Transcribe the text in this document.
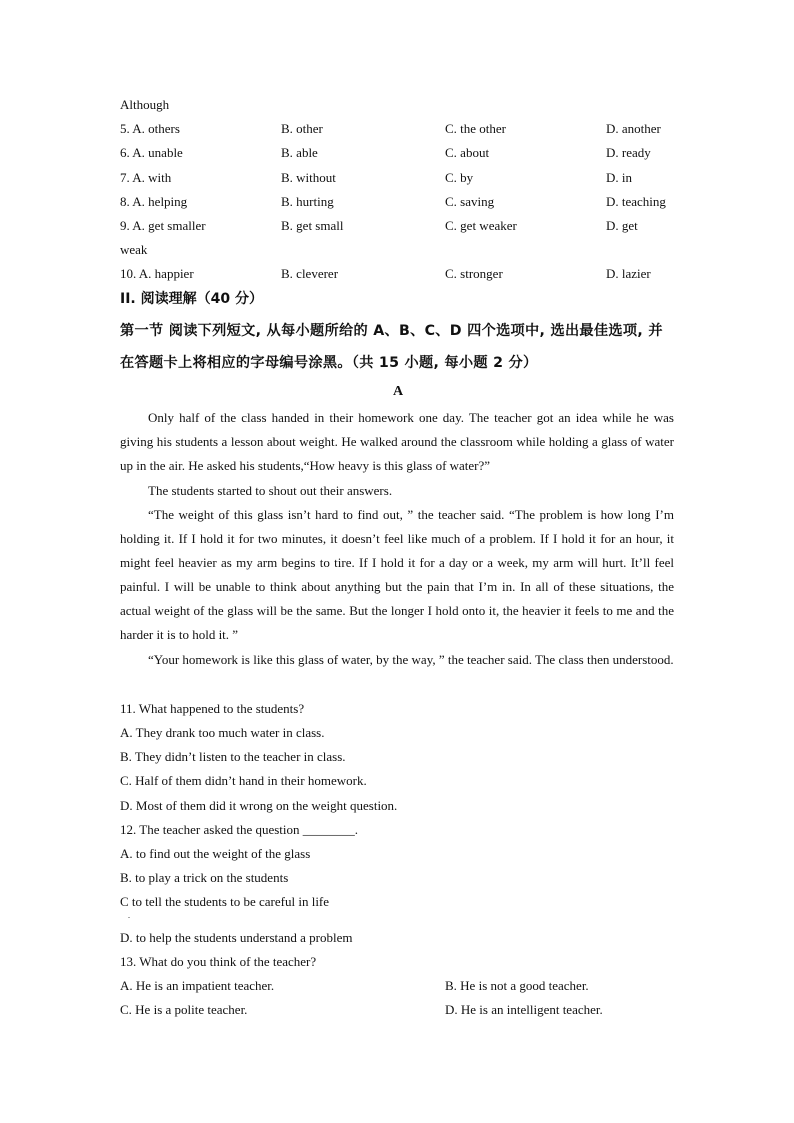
Although
5. A. others	B. other	C. the other	D. another
6. A. unable	B. able	C. about	D. ready
7. A. with	B. without	C. by	D. in
8. A. helping	B. hurting	C. saving	D. teaching
9. A. get smaller	B. get small	C. get weaker	D. get
weak
10. A. happier	B. cleverer	C. stronger	D. lazier
II. 阅读理解（40 分）
第一节 阅读下列短文, 从每小题所给的 A、B、C、D 四个选项中, 选出最佳选项, 并在答题卡上将相应的字母编号涂黑。（共 15 小题, 每小题 2 分）
A
Only half of the class handed in their homework one day. The teacher got an idea while he was giving his students a lesson about weight. He walked around the classroom while holding a glass of water up in the air. He asked his students,“How heavy is this glass of water?”
The students started to shout out their answers.
“The weight of this glass isn’t hard to find out, ” the teacher said. “The problem is how long I’m holding it. If I hold it for two minutes, it doesn’t feel like much of a problem. If I hold it for an hour, it might feel heavier as my arm begins to tire. If I hold it for a day or a week, my arm will hurt. It’ll feel painful. I will be unable to think about anything but the pain that I’m in. In all of these situations, the actual weight of the glass will be the same. But the longer I hold onto it, the heavier it feels to me and the harder it is to hold it. ”
“Your homework is like this glass of water, by the way, ” the teacher said. The class then understood.
11. What happened to the students?
A. They drank too much water in class.
B. They didn’t listen to the teacher in class.
C. Half of them didn’t hand in their homework.
D. Most of them did it wrong on the weight question.
12. The teacher asked the question ________.
A. to find out the weight of the glass
B. to play a trick on the students
C to tell the students to be careful in life
.
D. to help the students understand a problem
13. What do you think of the teacher?
A. He is an impatient teacher.	B. He is not a good teacher.
C. He is a polite teacher.	D. He is an intelligent teacher.
